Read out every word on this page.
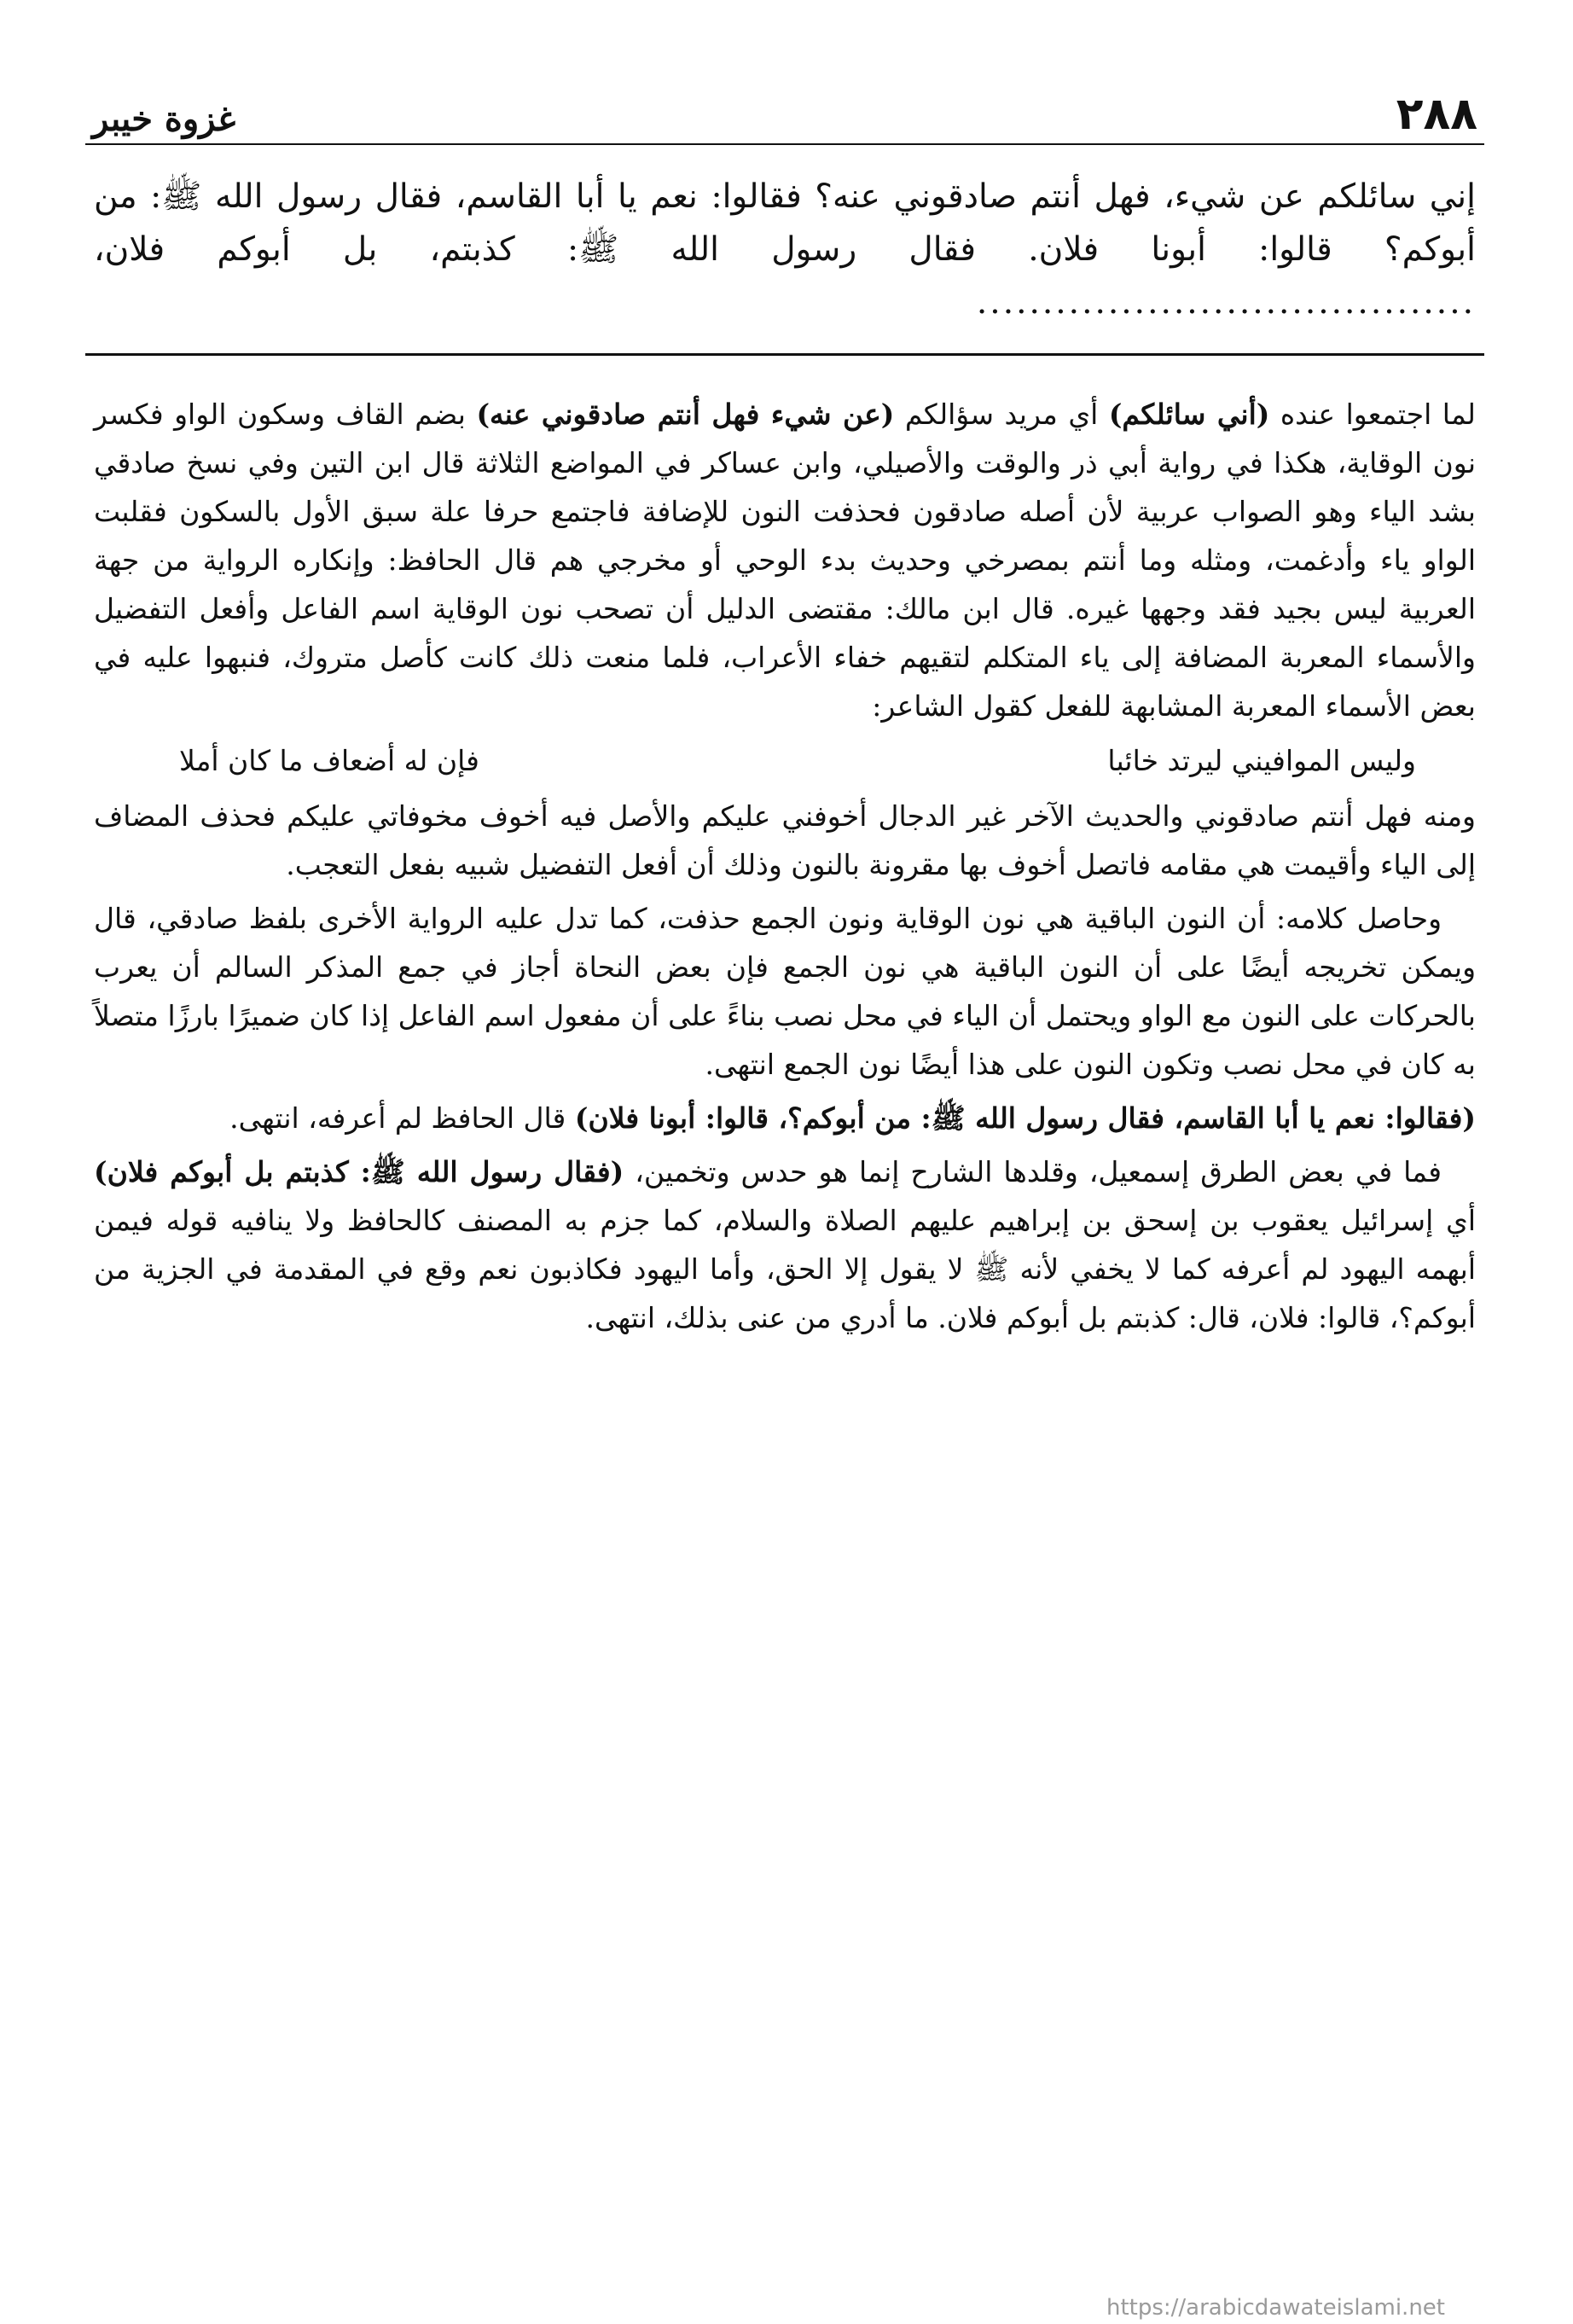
٢٨٨
غزوة خيبر

إني سائلكم عن شيء، فهل أنتم صادقوني عنه؟ فقالوا: نعم يا أبا القاسم، فقال رسول الله ﷺ: من أبوكم؟ قالوا: أبونا فلان. فقال رسول الله ﷺ: كذبتم، بل أبوكم فلان، ......................................

لما اجتمعوا عنده (أني سائلكم) أي مريد سؤالكم (عن شيء فهل أنتم صادقوني عنه) بضم القاف وسكون الواو فكسر نون الوقاية، هكذا في رواية أبي ذر والوقت والأصيلي، وابن عساكر في المواضع الثلاثة قال ابن التين وفي نسخ صادقي بشد الياء وهو الصواب عربية لأن أصله صادقون فحذفت النون للإضافة فاجتمع حرفا علة سبق الأول بالسكون فقلبت الواو ياء وأدغمت، ومثله وما أنتم بمصرخي وحديث بدء الوحي أو مخرجي هم قال الحافظ: وإنكاره الرواية من جهة العربية ليس بجيد فقد وجهها غيره. قال ابن مالك: مقتضى الدليل أن تصحب نون الوقاية اسم الفاعل وأفعل التفضيل والأسماء المعربة المضافة إلى ياء المتكلم لتقيهم خفاء الأعراب، فلما منعت ذلك كانت كأصل متروك، فنبهوا عليه في بعض الأسماء المعربة المشابهة للفعل كقول الشاعر:

وليس الموافيني ليرتد خائبا
فإن له أضعاف ما كان أملا

ومنه فهل أنتم صادقوني والحديث الآخر غير الدجال أخوفني عليكم والأصل فيه أخوف مخوفاتي عليكم فحذف المضاف إلى الياء وأقيمت هي مقامه فاتصل أخوف بها مقرونة بالنون وذلك أن أفعل التفضيل شبيه بفعل التعجب.

وحاصل كلامه: أن النون الباقية هي نون الوقاية ونون الجمع حذفت، كما تدل عليه الرواية الأخرى بلفظ صادقي، قال ويمكن تخريجه أيضًا على أن النون الباقية هي نون الجمع فإن بعض النحاة أجاز في جمع المذكر السالم أن يعرب بالحركات على النون مع الواو ويحتمل أن الياء في محل نصب بناءً على أن مفعول اسم الفاعل إذا كان ضميرًا بارزًا متصلاً به كان في محل نصب وتكون النون على هذا أيضًا نون الجمع انتهى.

(فقالوا: نعم يا أبا القاسم، فقال رسول الله ﷺ: من أبوكم؟، قالوا: أبونا فلان) قال الحافظ لم أعرفه، انتهى.

فما في بعض الطرق إسمعيل، وقلدها الشارح إنما هو حدس وتخمين، (فقال رسول الله ﷺ: كذبتم بل أبوكم فلان) أي إسرائيل يعقوب بن إسحق بن إبراهيم عليهم الصلاة والسلام، كما جزم به المصنف كالحافظ ولا ينافيه قوله فيمن أبهمه اليهود لم أعرفه كما لا يخفي لأنه ﷺ لا يقول إلا الحق، وأما اليهود فكاذبون نعم وقع في المقدمة في الجزية من أبوكم؟، قالوا: فلان، قال: كذبتم بل أبوكم فلان. ما أدري من عنى بذلك، انتهى.

https://arabicdawateislami.net
